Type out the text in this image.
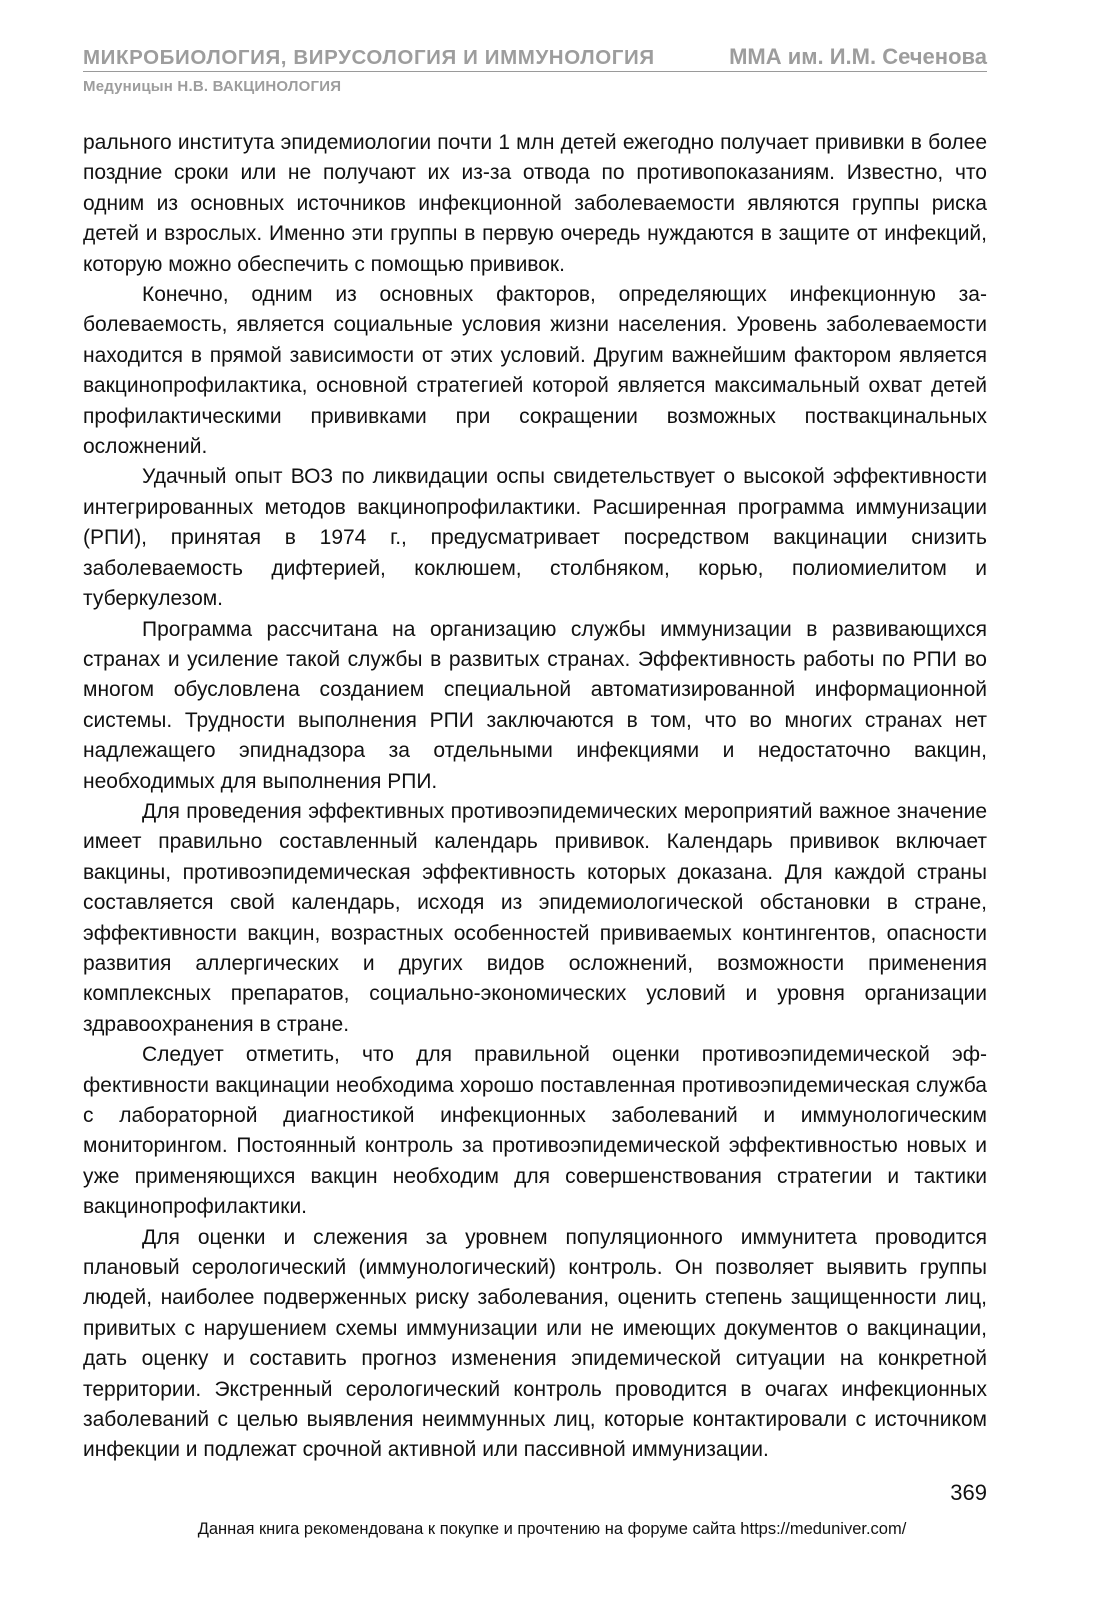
МИКРОБИОЛОГИЯ, ВИРУСОЛОГИЯ И ИММУНОЛОГИЯ	ММА им. И.М. Сеченова
Медуницын Н.В. ВАКЦИНОЛОГИЯ

рального института эпидемиологии почти 1 млн детей ежегодно получает прививки в более поздние сроки или не получают их из-за отвода по противопоказаниям. Известно, что одним из основных источников инфекционной заболеваемости являются группы риска детей и взрослых. Именно эти группы в первую очередь нуждаются в защите от инфекций, которую можно обеспечить с помощью прививок.

Конечно, одним из основных факторов, определяющих инфекционную заболеваемость, является социальные условия жизни населения. Уровень заболеваемости находится в прямой зависимости от этих условий. Другим важнейшим фактором является вакцинопрофилактика, основной стратегией которой является максимальный охват детей профилактическими прививками при сокращении возможных поствакцинальных осложнений.

Удачный опыт ВОЗ по ликвидации оспы свидетельствует о высокой эффективности интегрированных методов вакцинопрофилактики. Расширенная программа иммунизации (РПИ), принятая в 1974 г., предусматривает посредством вакцинации снизить заболеваемость дифтерией, коклюшем, столбняком, корью, полиомиелитом и туберкулезом.

Программа рассчитана на организацию службы иммунизации в развивающихся странах и усиление такой службы в развитых странах. Эффективность работы по РПИ во многом обусловлена созданием специальной автоматизированной информационной системы. Трудности выполнения РПИ заключаются в том, что во многих странах нет надлежащего эпиднадзора за отдельными инфекциями и недостаточно вакцин, необходимых для выполнения РПИ.

Для проведения эффективных противоэпидемических мероприятий важное значение имеет правильно составленный календарь прививок. Календарь прививок включает вакцины, противоэпидемическая эффективность которых доказана. Для каждой страны составляется свой календарь, исходя из эпидемиологической обстановки в стране, эффективности вакцин, возрастных особенностей прививаемых контингентов, опасности развития аллергических и других видов осложнений, возможности применения комплексных препаратов, социально-экономических условий и уровня организации здравоохранения в стране.

Следует отметить, что для правильной оценки противоэпидемической эффективности вакцинации необходима хорошо поставленная противоэпидемическая служба с лабораторной диагностикой инфекционных заболеваний и иммунологическим мониторингом. Постоянный контроль за противоэпидемической эффективностью новых и уже применяющихся вакцин необходим для совершенствования стратегии и тактики вакцинопрофилактики.

Для оценки и слежения за уровнем популяционного иммунитета проводится плановый серологический (иммунологический) контроль. Он позволяет выявить группы людей, наиболее подверженных риску заболевания, оценить степень защищенности лиц, привитых с нарушением схемы иммунизации или не имеющих документов о вакцинации, дать оценку и составить прогноз изменения эпидемической ситуации на конкретной территории. Экстренный серологический контроль проводится в очагах инфекционных заболеваний с целью выявления неиммунных лиц, которые контактировали с источником инфекции и подлежат срочной активной или пассивной иммунизации.

369
Данная книга рекомендована к покупке и прочтению на форуме сайта https://meduniver.com/
